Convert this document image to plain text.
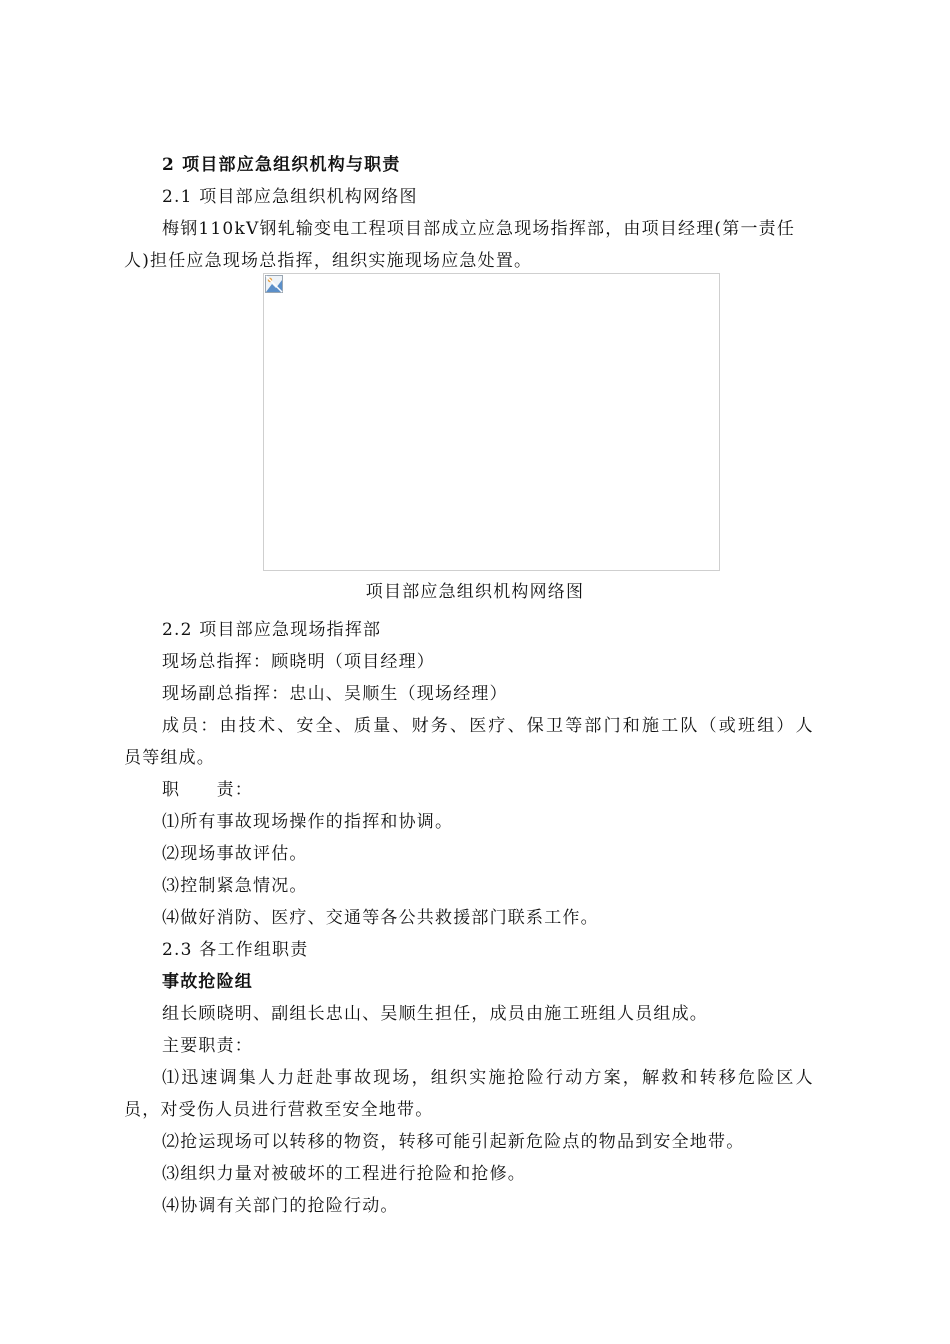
2 项目部应急组织机构与职责
2.1 项目部应急组织机构网络图
梅钢110kV钢轧输变电工程项目部成立应急现场指挥部，由项目经理(第一责任
人)担任应急现场总指挥，组织实施现场应急处置。
项目部应急组织机构网络图
2.2 项目部应急现场指挥部
现场总指挥：顾晓明（项目经理）
现场副总指挥：忠山、吴顺生（现场经理）
成员：由技术、安全、质量、财务、医疗、保卫等部门和施工队（或班组）人
员等组成。
职　　责：
⑴所有事故现场操作的指挥和协调。
⑵现场事故评估。
⑶控制紧急情况。
⑷做好消防、医疗、交通等各公共救援部门联系工作。
2.3 各工作组职责
事故抢险组
组长顾晓明、副组长忠山、吴顺生担任，成员由施工班组人员组成。
主要职责：
⑴迅速调集人力赶赴事故现场，组织实施抢险行动方案，解救和转移危险区人
员，对受伤人员进行营救至安全地带。
⑵抢运现场可以转移的物资，转移可能引起新危险点的物品到安全地带。
⑶组织力量对被破坏的工程进行抢险和抢修。
⑷协调有关部门的抢险行动。
